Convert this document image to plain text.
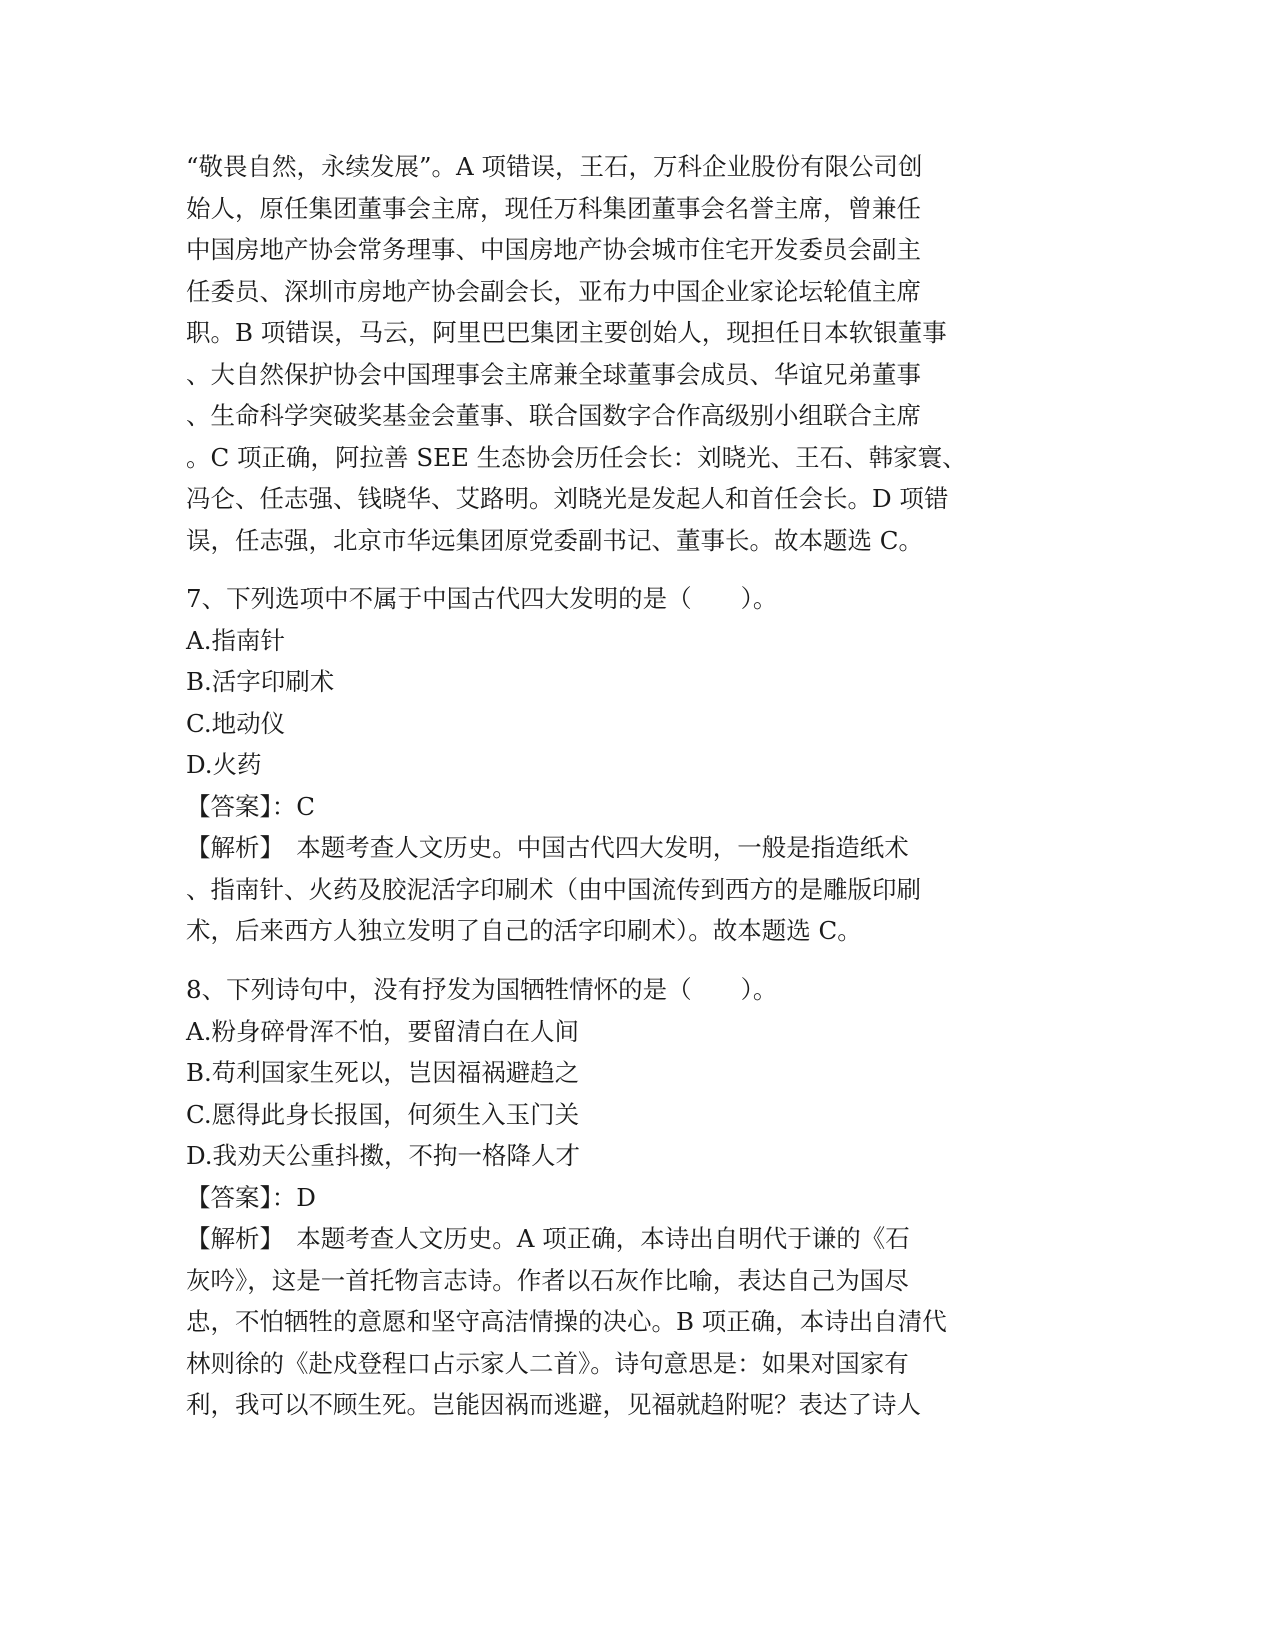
“敬畏自然，永续发展”。A 项错误，王石，万科企业股份有限公司创
始人，原任集团董事会主席，现任万科集团董事会名誉主席，曾兼任
中国房地产协会常务理事、中国房地产协会城市住宅开发委员会副主
任委员、深圳市房地产协会副会长，亚布力中国企业家论坛轮值主席
职。B 项错误，马云，阿里巴巴集团主要创始人，现担任日本软银董事
、大自然保护协会中国理事会主席兼全球董事会成员、华谊兄弟董事
、生命科学突破奖基金会董事、联合国数字合作高级别小组联合主席
。C 项正确，阿拉善 SEE 生态协会历任会长：刘晓光、王石、韩家寰、
冯仑、任志强、钱晓华、艾路明。刘晓光是发起人和首任会长。D 项错
误，任志强，北京市华远集团原党委副书记、董事长。故本题选 C。
7、下列选项中不属于中国古代四大发明的是（　　）。
A.指南针
B.活字印刷术
C.地动仪
D.火药
【答案】：C
【解析】　本题考查人文历史。中国古代四大发明，一般是指造纸术
、指南针、火药及胶泥活字印刷术（由中国流传到西方的是雕版印刷
术，后来西方人独立发明了自己的活字印刷术）。故本题选 C。
8、下列诗句中，没有抒发为国牺牲情怀的是（　　）。
A.粉身碎骨浑不怕，要留清白在人间
B.苟利国家生死以，岂因福祸避趋之
C.愿得此身长报国，何须生入玉门关
D.我劝天公重抖擞，不拘一格降人才
【答案】：D
【解析】　本题考查人文历史。A 项正确，本诗出自明代于谦的《石
灰吟》，这是一首托物言志诗。作者以石灰作比喻，表达自己为国尽
忠，不怕牺牲的意愿和坚守高洁情操的决心。B 项正确，本诗出自清代
林则徐的《赴戍登程口占示家人二首》。诗句意思是：如果对国家有
利，我可以不顾生死。岂能因祸而逃避，见福就趋附呢？表达了诗人
